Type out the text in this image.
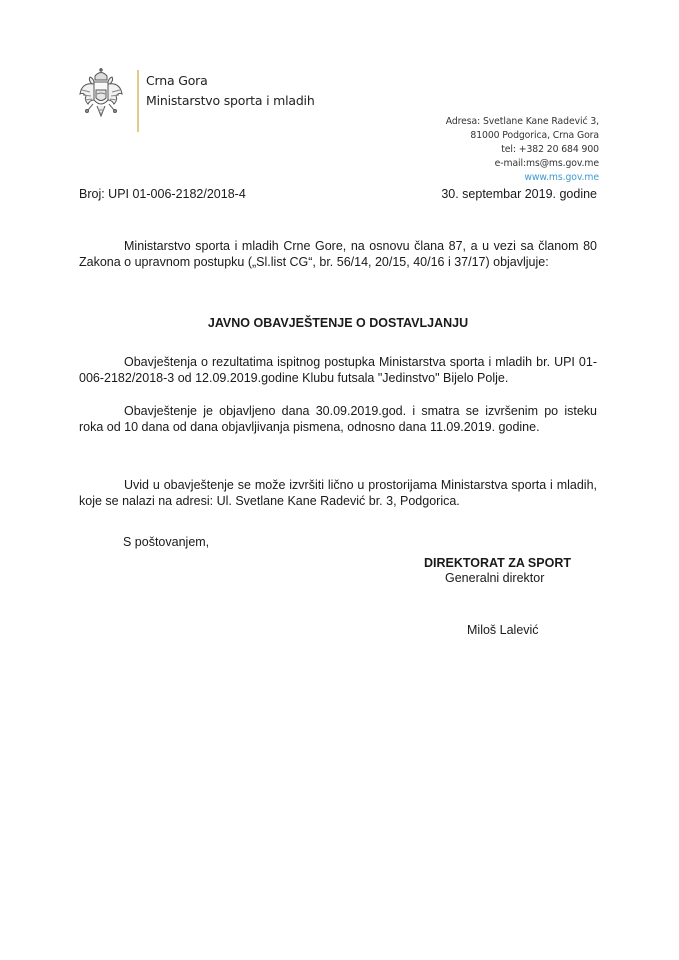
Crna Gora
Ministarstvo sporta i mladih
Adresa: Svetlane Kane Radević 3,
81000 Podgorica, Crna Gora
tel: +382 20 684 900
e-mail:ms@ms.gov.me
www.ms.gov.me
Broj: UPI 01-006-2182/2018-4	30. septembar 2019. godine
Ministarstvo sporta i mladih Crne Gore, na osnovu člana 87, a u vezi sa članom 80 Zakona o upravnom postupku („Sl.list CG“, br. 56/14, 20/15, 40/16 i 37/17) objavljuje:
JAVNO OBAVJEŠTENJE O DOSTAVLJANJU
Obavještenja o rezultatima ispitnog postupka Ministarstva sporta i mladih br. UPI 01-006-2182/2018-3 od 12.09.2019.godine Klubu futsala "Jedinstvo" Bijelo Polje.
Obavještenje je objavljeno dana 30.09.2019.god. i smatra se izvršenim po isteku roka od 10 dana od dana objavljivanja pismena, odnosno dana 11.09.2019. godine.
Uvid u obavještenje se može izvršiti lično u prostorijama Ministarstva sporta i mladih, koje se nalazi na adresi: Ul. Svetlane Kane Radević br. 3, Podgorica.
S poštovanjem,
DIREKTORAT ZA SPORT
Generalni direktor
Miloš Lalević
